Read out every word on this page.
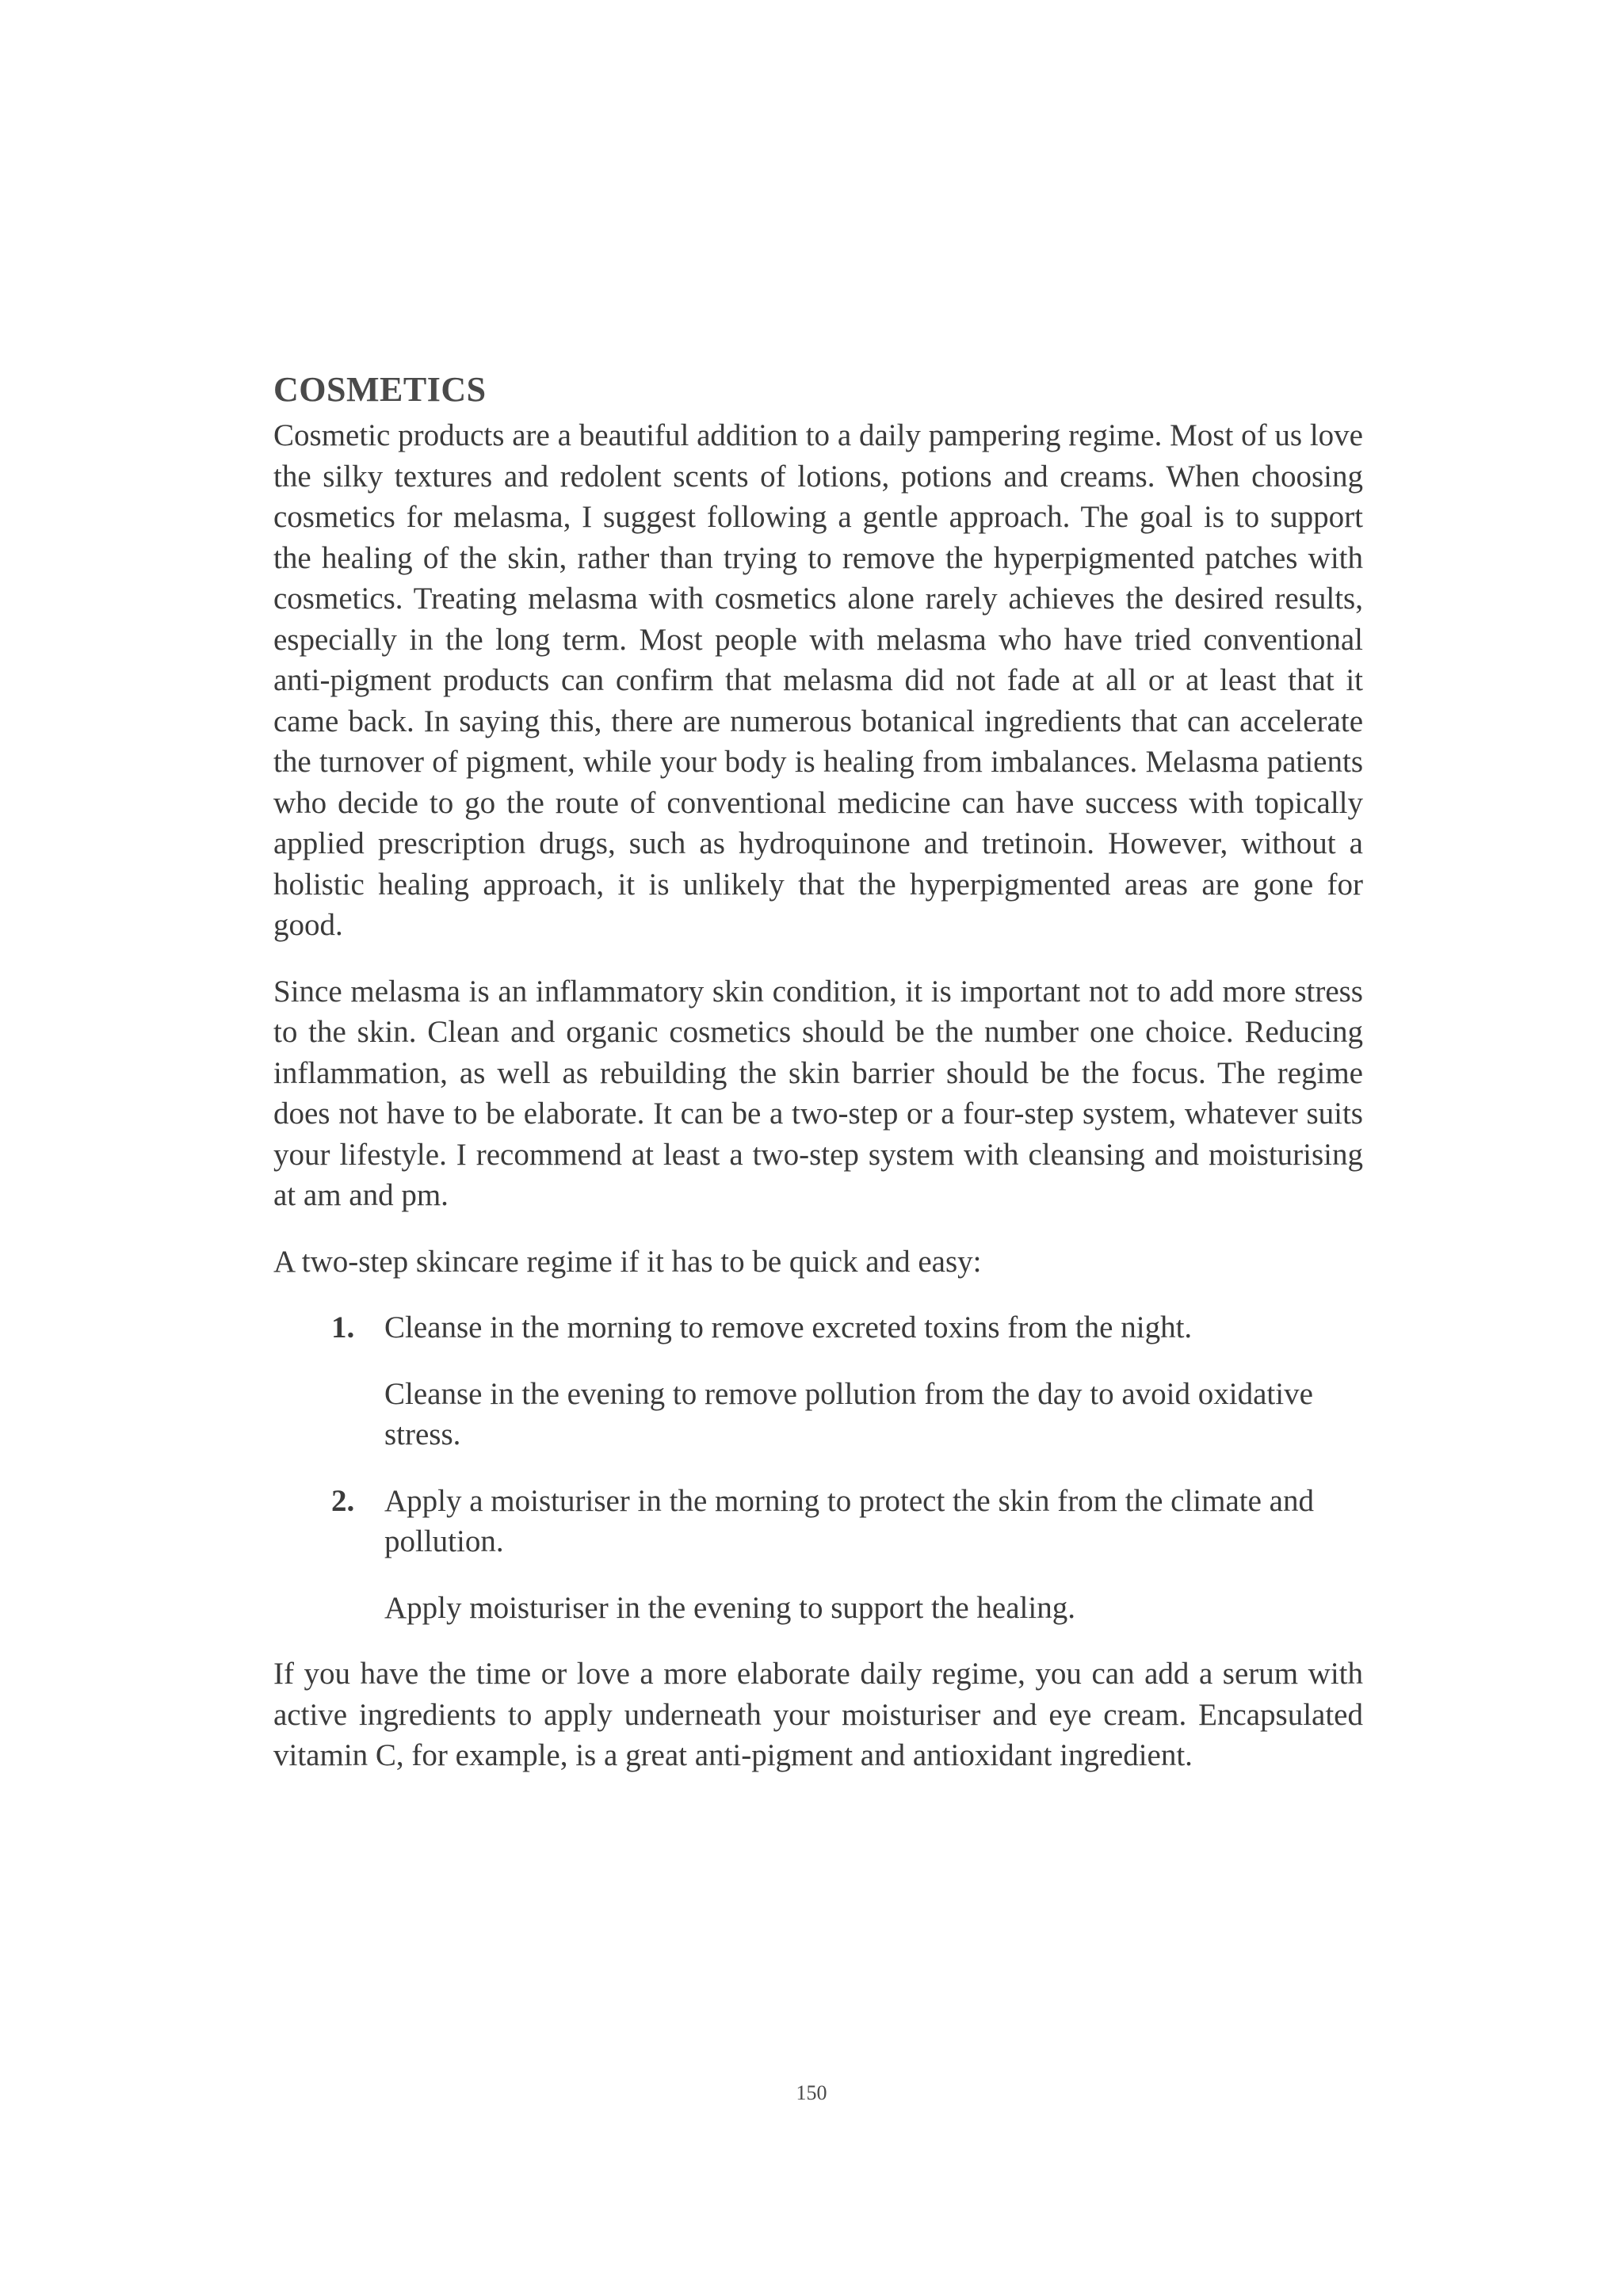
COSMETICS

Cosmetic products are a beautiful addition to a daily pampering regime. Most of us love the silky textures and redolent scents of lotions, potions and creams. When choosing cosmetics for melasma, I suggest following a gentle approach. The goal is to support the healing of the skin, rather than trying to remove the hyperpigmented patches with cosmetics. Treating melasma with cosmetics alone rarely achieves the desired results, especially in the long term. Most people with melasma who have tried conventional anti-pigment products can confirm that melasma did not fade at all or at least that it came back. In saying this, there are numerous botanical ingredients that can accelerate the turnover of pigment, while your body is healing from imbalances. Melasma patients who decide to go the route of conventional medicine can have success with topically applied prescription drugs, such as hydroquinone and tretinoin. However, without a holistic healing approach, it is unlikely that the hyperpigmented areas are gone for good.

Since melasma is an inflammatory skin condition, it is important not to add more stress to the skin. Clean and organic cosmetics should be the number one choice. Reducing inflammation, as well as rebuilding the skin barrier should be the focus. The regime does not have to be elaborate. It can be a two-step or a four-step system, whatever suits your lifestyle. I recommend at least a two-step system with cleansing and moisturising at am and pm.

A two-step skincare regime if it has to be quick and easy:

1. Cleanse in the morning to remove excreted toxins from the night.

Cleanse in the evening to remove pollution from the day to avoid oxidative stress.

2. Apply a moisturiser in the morning to protect the skin from the climate and pollution.

Apply moisturiser in the evening to support the healing.

If you have the time or love a more elaborate daily regime, you can add a serum with active ingredients to apply underneath your moisturiser and eye cream. Encapsulated vitamin C, for example, is a great anti-pigment and antioxidant ingredient.

150
